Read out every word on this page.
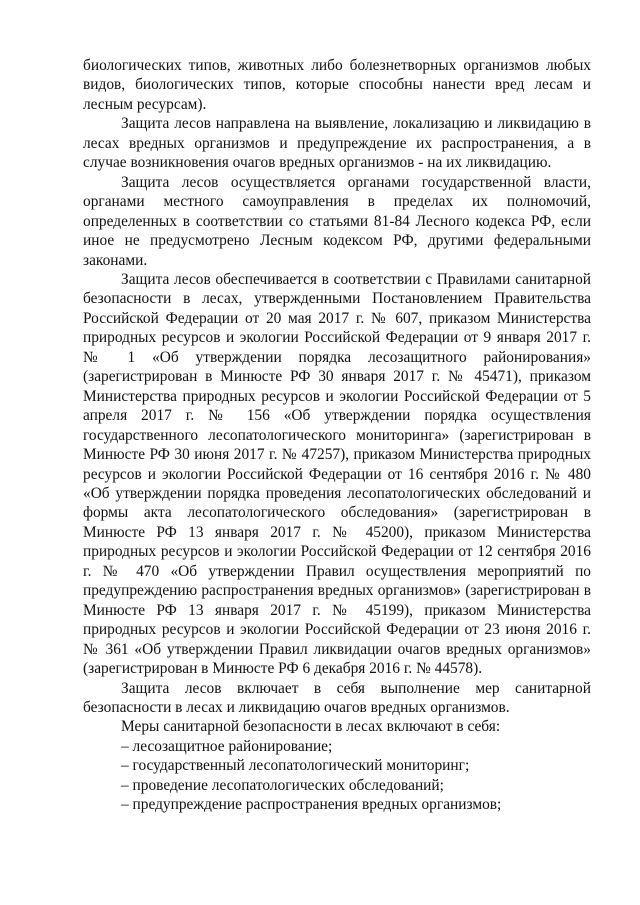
биологических типов, животных либо болезнетворных организмов любых видов, биологических типов, которые способны нанести вред лесам и лесным ресурсам).

Защита лесов направлена на выявление, локализацию и ликвидацию в лесах вредных организмов и предупреждение их распространения, а в случае возникновения очагов вредных организмов - на их ликвидацию.

Защита лесов осуществляется органами государственной власти, органами местного самоуправления в пределах их полномочий, определенных в соответствии со статьями 81-84 Лесного кодекса РФ, если иное не предусмотрено Лесным кодексом РФ, другими федеральными законами.

Защита лесов обеспечивается в соответствии с Правилами санитарной безопасности в лесах, утвержденными Постановлением Правительства Российской Федерации от 20 мая 2017 г. № 607, приказом Министерства природных ресурсов и экологии Российской Федерации от 9 января 2017 г. № 1 «Об утверждении порядка лесозащитного районирования» (зарегистрирован в Минюсте РФ 30 января 2017 г. № 45471), приказом Министерства природных ресурсов и экологии Российской Федерации от 5 апреля 2017 г. № 156 «Об утверждении порядка осуществления государственного лесопатологического мониторинга» (зарегистрирован в Минюсте РФ 30 июня 2017 г. № 47257), приказом Министерства природных ресурсов и экологии Российской Федерации от 16 сентября 2016 г. № 480 «Об утверждении порядка проведения лесопатологических обследований и формы акта лесопатологического обследования» (зарегистрирован в Минюсте РФ 13 января 2017 г. № 45200), приказом Министерства природных ресурсов и экологии Российской Федерации от 12 сентября 2016 г. № 470 «Об утверждении Правил осуществления мероприятий по предупреждению распространения вредных организмов» (зарегистрирован в Минюсте РФ 13 января 2017 г. № 45199), приказом Министерства природных ресурсов и экологии Российской Федерации от 23 июня 2016 г. № 361 «Об утверждении Правил ликвидации очагов вредных организмов» (зарегистрирован в Минюсте РФ 6 декабря 2016 г. № 44578).

Защита лесов включает в себя выполнение мер санитарной безопасности в лесах и ликвидацию очагов вредных организмов.

Меры санитарной безопасности в лесах включают в себя:

– лесозащитное районирование;
– государственный лесопатологический мониторинг;
– проведение лесопатологических обследований;
– предупреждение распространения вредных организмов;
